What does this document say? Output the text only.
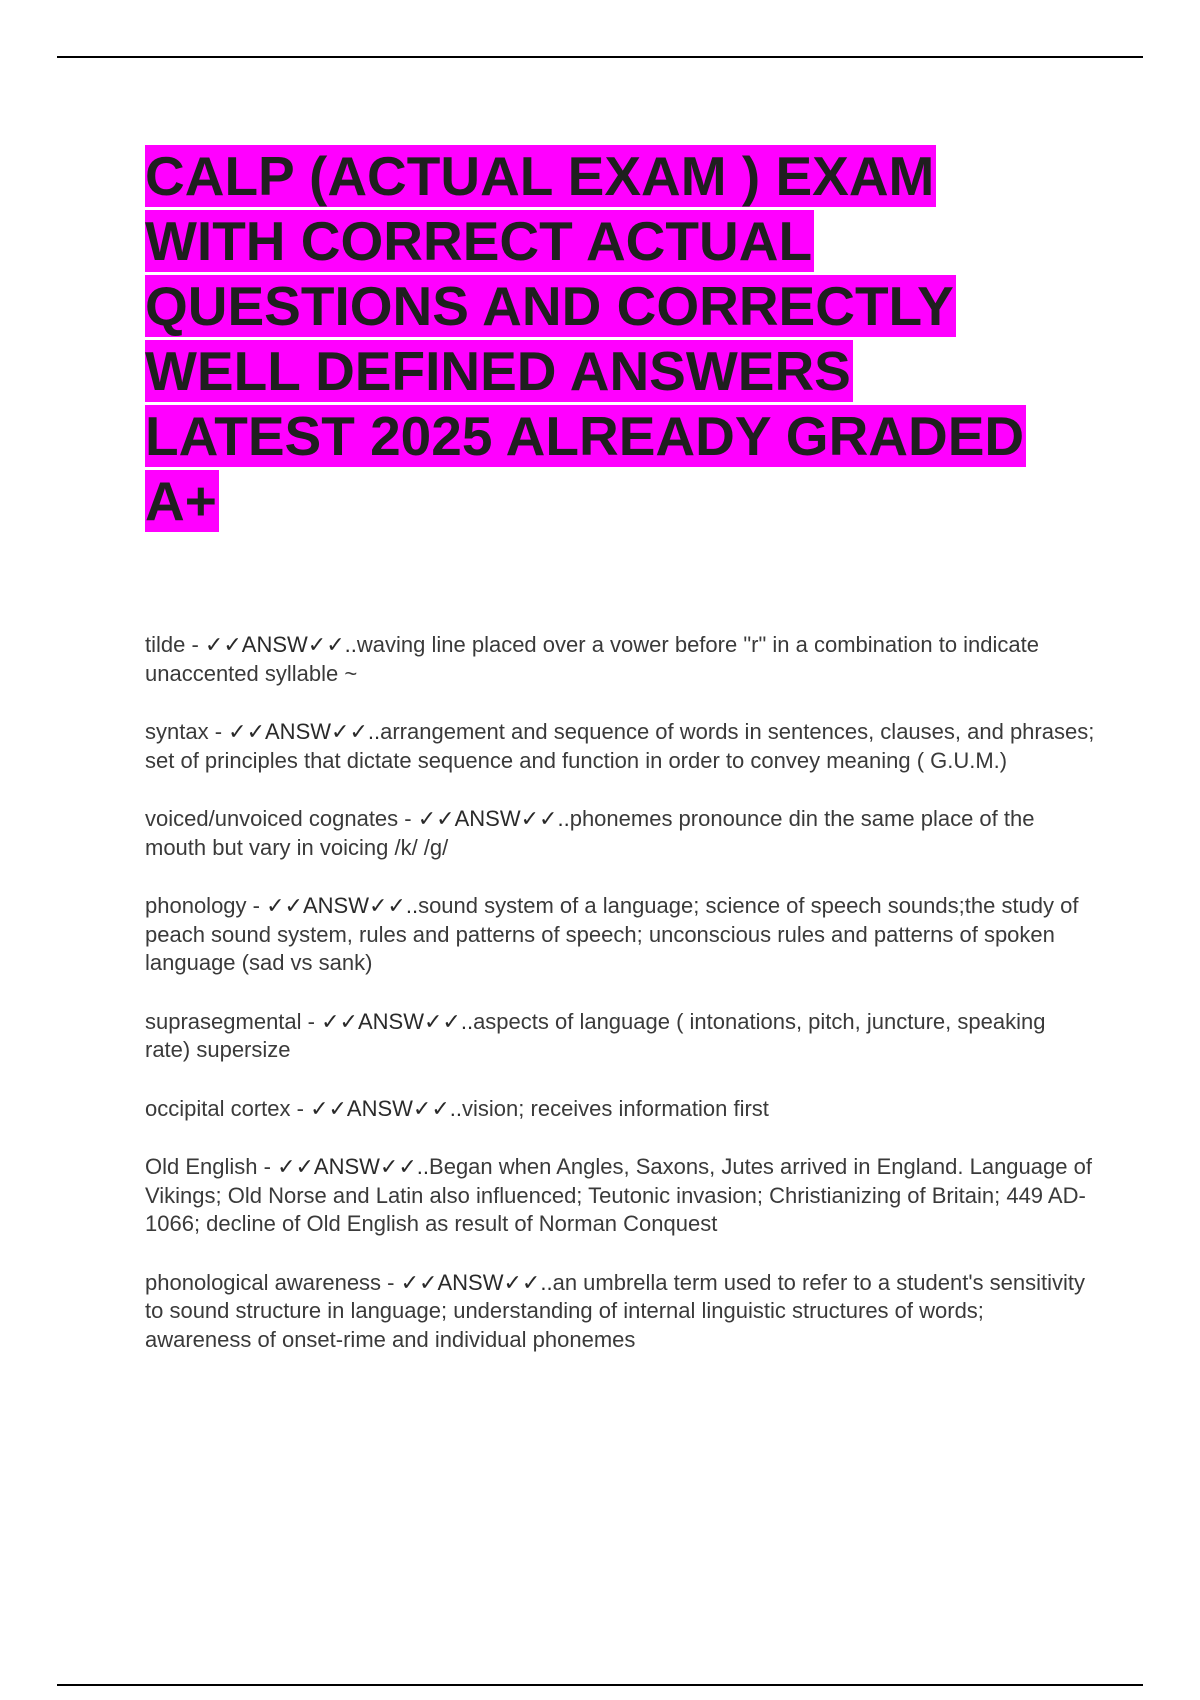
CALP (ACTUAL EXAM ) EXAM

WITH CORRECT ACTUAL

QUESTIONS AND CORRECTLY

WELL DEFINED ANSWERS

LATEST 2025 ALREADY GRADED

A+

tilde - ✓✓ANSW✓✓..waving line placed over a vower before "r" in a combination to indicate unaccented syllable ~

syntax - ✓✓ANSW✓✓..arrangement and sequence of words in sentences, clauses, and phrases; set of principles that dictate sequence and function in order to convey meaning ( G.U.M.)

voiced/unvoiced cognates - ✓✓ANSW✓✓..phonemes pronounce din the same place of the mouth but vary in voicing /k/ /g/

phonology - ✓✓ANSW✓✓..sound system of a language; science of speech sounds;the study of peach sound system, rules and patterns of speech; unconscious rules and patterns of spoken language (sad vs sank)

suprasegmental - ✓✓ANSW✓✓..aspects of language ( intonations, pitch, juncture, speaking rate) supersize

occipital cortex - ✓✓ANSW✓✓..vision; receives information first

Old English - ✓✓ANSW✓✓..Began when Angles, Saxons, Jutes arrived in England. Language of Vikings; Old Norse and Latin also influenced; Teutonic invasion; Christianizing of Britain; 449 AD-1066; decline of Old English as result of Norman Conquest

phonological awareness - ✓✓ANSW✓✓..an umbrella term used to refer to a student's sensitivity to sound structure in language; understanding of internal linguistic structures of words; awareness of onset-rime and individual phonemes
